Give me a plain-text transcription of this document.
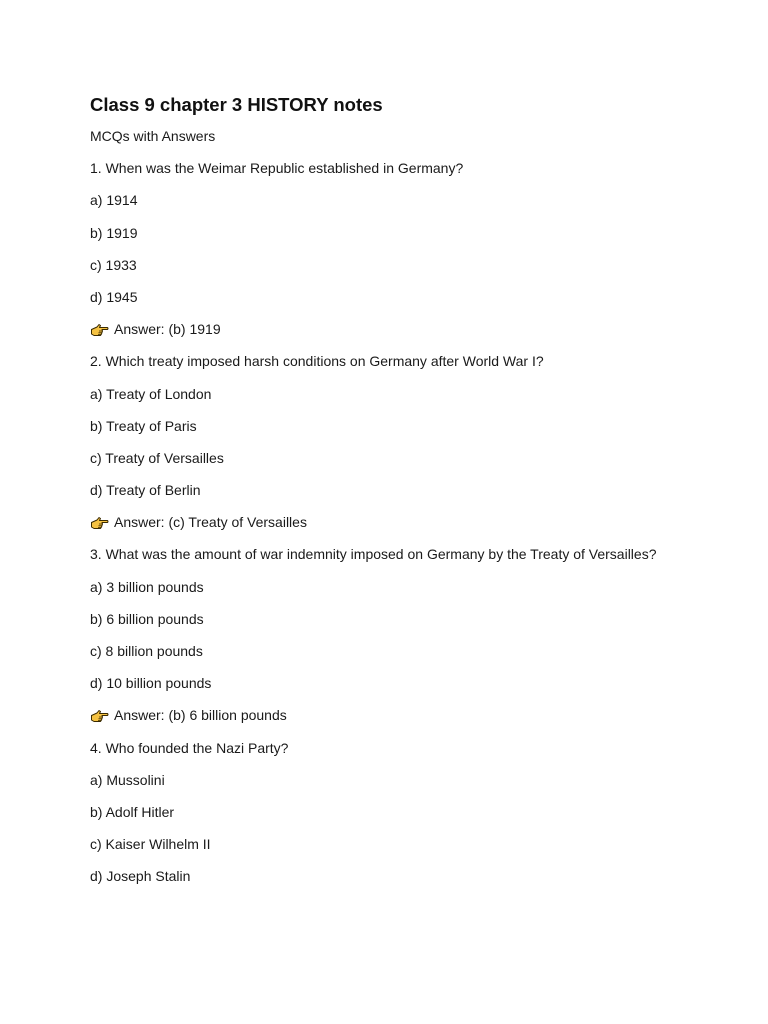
Class 9 chapter 3 HISTORY notes
MCQs with Answers
1. When was the Weimar Republic established in Germany?
a) 1914
b) 1919
c) 1933
d) 1945
Answer: (b) 1919
2. Which treaty imposed harsh conditions on Germany after World War I?
a) Treaty of London
b) Treaty of Paris
c) Treaty of Versailles
d) Treaty of Berlin
Answer: (c) Treaty of Versailles
3. What was the amount of war indemnity imposed on Germany by the Treaty of Versailles?
a) 3 billion pounds
b) 6 billion pounds
c) 8 billion pounds
d) 10 billion pounds
Answer: (b) 6 billion pounds
4. Who founded the Nazi Party?
a) Mussolini
b) Adolf Hitler
c) Kaiser Wilhelm II
d) Joseph Stalin
